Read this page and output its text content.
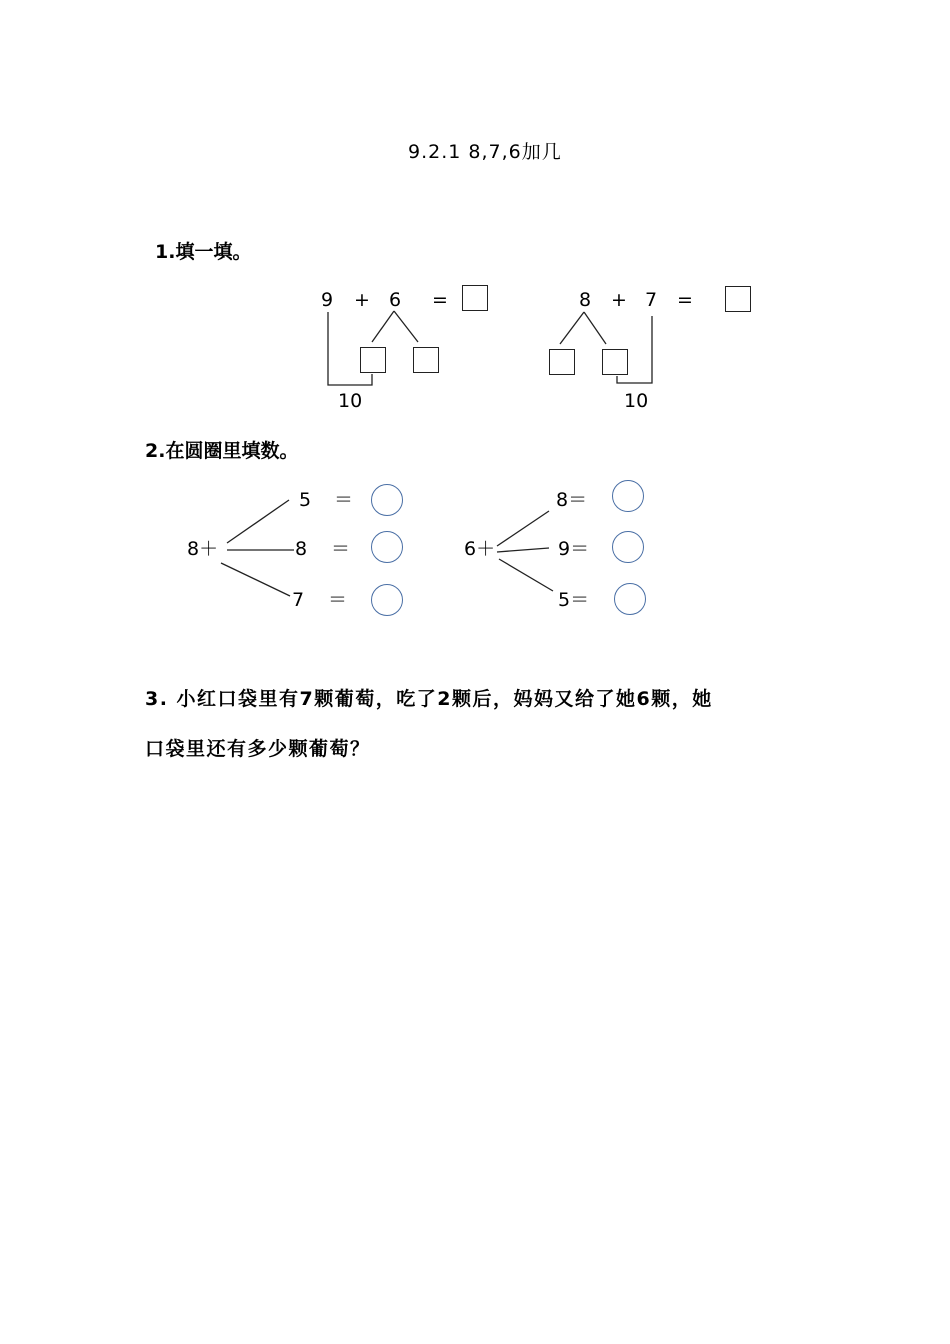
9.2.1 8,7,6加几
1.填一填。
9 + 6 =
10
8 + 7 =
10
2.在圆圈里填数。
8＋
5 ＝
8 ＝
7 ＝
6＋
8＝
9＝
5＝
3. 小红口袋里有7颗葡萄，吃了2颗后，妈妈又给了她6颗，她
口袋里还有多少颗葡萄？
